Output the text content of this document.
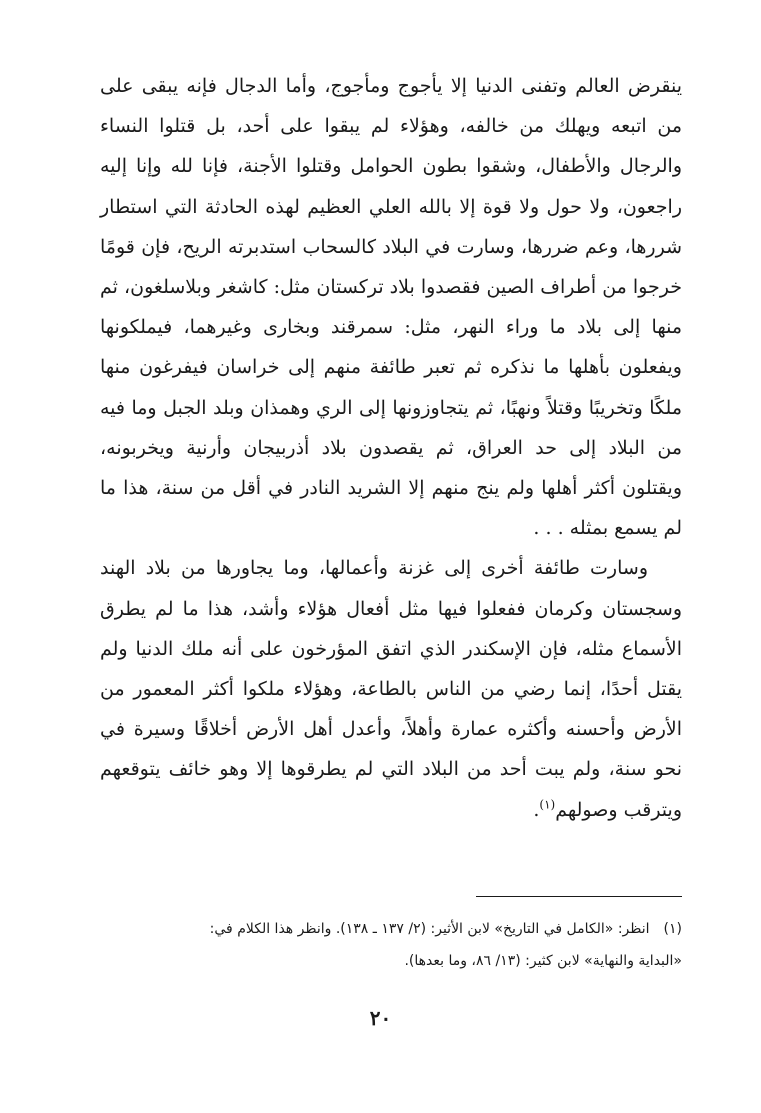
ينقرض العالم وتفنى الدنيا إلا يأجوج ومأجوج، وأما الدجال فإنه يبقى على من اتبعه ويهلك من خالفه، وهؤلاء لم يبقوا على أحد، بل قتلوا النساء والرجال والأطفال، وشقوا بطون الحوامل وقتلوا الأجنة، فإنا لله وإنا إليه راجعون، ولا حول ولا قوة إلا بالله العلي العظيم لهذه الحادثة التي استطار شررها، وعم ضررها، وسارت في البلاد كالسحاب استدبرته الريح، فإن قومًا خرجوا من أطراف الصين فقصدوا بلاد تركستان مثل: كاشغر وبلاسلغون، ثم منها إلى بلاد ما وراء النهر، مثل: سمرقند وبخارى وغيرهما، فيملكونها ويفعلون بأهلها ما نذكره ثم تعبر طائفة منهم إلى خراسان فيفرغون منها ملكًا وتخريبًا وقتلاً ونهبًا، ثم يتجاوزونها إلى الري وهمذان وبلد الجبل وما فيه من البلاد إلى حد العراق، ثم يقصدون بلاد أذربيجان وأرنية ويخربونه، ويقتلون أكثر أهلها ولم ينج منهم إلا الشريد النادر في أقل من سنة، هذا ما لم يسمع بمثله . . .

وسارت طائفة أخرى إلى غزنة وأعمالها، وما يجاورها من بلاد الهند وسجستان وكرمان ففعلوا فيها مثل أفعال هؤلاء وأشد، هذا ما لم يطرق الأسماع مثله، فإن الإسكندر الذي اتفق المؤرخون على أنه ملك الدنيا ولم يقتل أحدًا، إنما رضي من الناس بالطاعة، وهؤلاء ملكوا أكثر المعمور من الأرض وأحسنه وأكثره عمارة وأهلاً، وأعدل أهل الأرض أخلاقًا وسيرة في نحو سنة، ولم يبت أحد من البلاد التي لم يطرقوها إلا وهو خائف يتوقعهم ويترقب وصولهم$^{(١)}$.

(١)انظر: «الكامل في التاريخ» لابن الأثير: (٢/ ١٣٧ ـ ١٣٨). وانظر هذا الكلام في:

«البداية والنهاية» لابن كثير: (١٣/ ٨٦، وما بعدها).

٢٠
